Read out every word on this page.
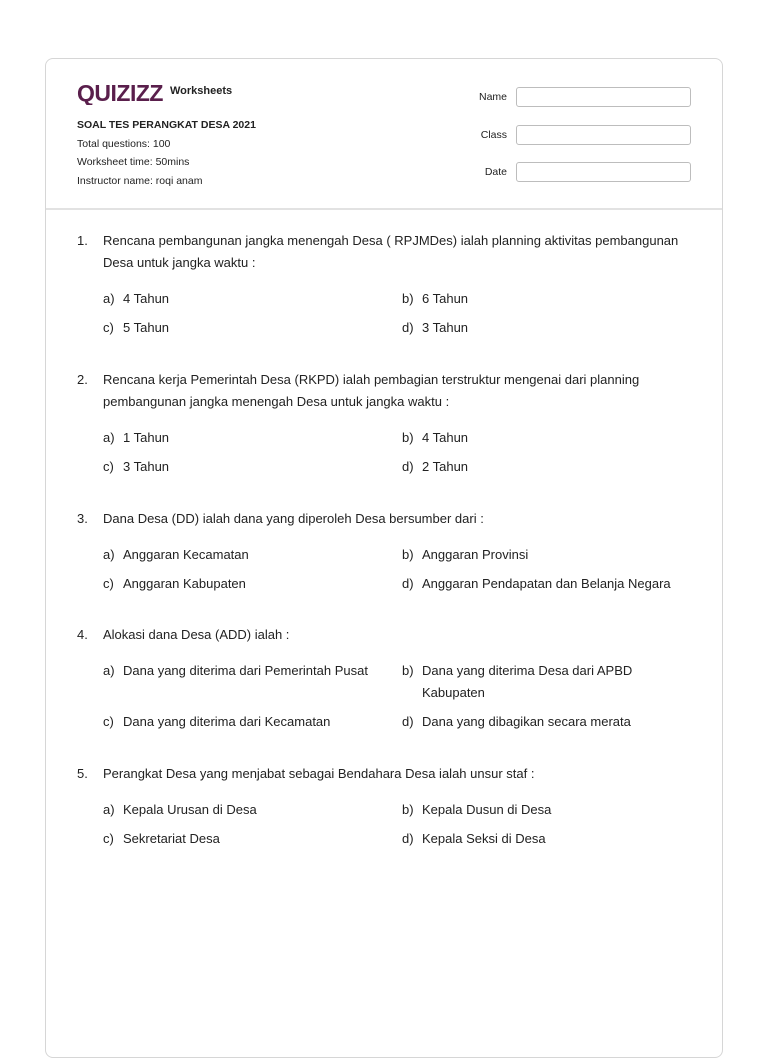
QUIZIZZ Worksheets
SOAL TES PERANGKAT DESA 2021
Total questions: 100
Worksheet time: 50mins
Instructor name: roqi anam
Name
Class
Date
1. Rencana pembangunan jangka menengah Desa ( RPJMDes) ialah planning aktivitas pembangunan Desa untuk jangka waktu :
a) 4 Tahun	b) 6 Tahun
c) 5 Tahun	d) 3 Tahun
2. Rencana kerja Pemerintah Desa (RKPD) ialah pembagian terstruktur mengenai dari planning pembangunan jangka menengah Desa untuk jangka waktu :
a) 1 Tahun	b) 4 Tahun
c) 3 Tahun	d) 2 Tahun
3. Dana Desa (DD) ialah dana yang diperoleh Desa bersumber dari :
a) Anggaran Kecamatan	b) Anggaran Provinsi
c) Anggaran Kabupaten	d) Anggaran Pendapatan dan Belanja Negara
4. Alokasi dana Desa (ADD) ialah :
a) Dana yang diterima dari Pemerintah Pusat	b) Dana yang diterima Desa dari APBD Kabupaten
c) Dana yang diterima dari Kecamatan	d) Dana yang dibagikan secara merata
5. Perangkat Desa yang menjabat sebagai Bendahara Desa ialah unsur staf :
a) Kepala Urusan di Desa	b) Kepala Dusun di Desa
c) Sekretariat Desa	d) Kepala Seksi di Desa
